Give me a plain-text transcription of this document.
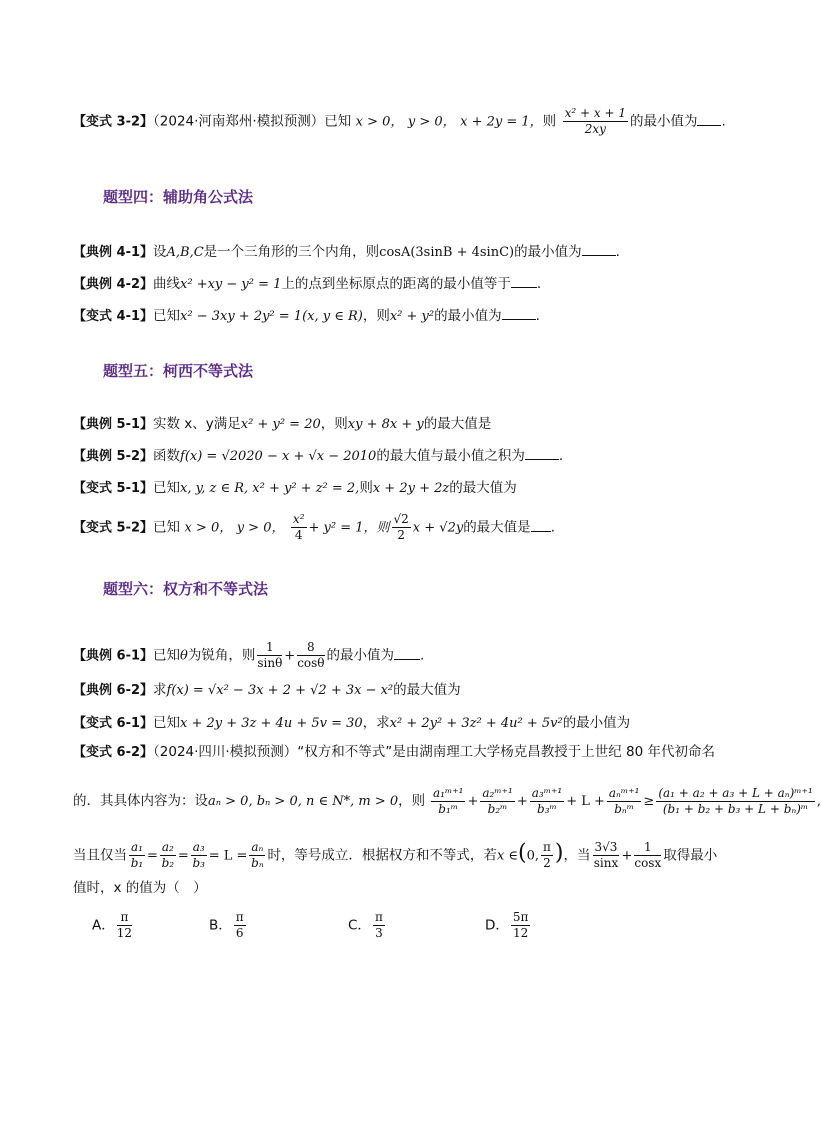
【变式 3-2】（2024·河南郑州·模拟预测）已知 x > 0， y > 0， x + 2y = 1，则 $\frac{\text{x² + x + 1}}{2xy}$ 的最小值为 .
题型四：辅助角公式法
【典例 4-1】设A,B,C是一个三角形的三个内角，则cosA(3sinB + 4sinC)的最小值为	.
【典例 4-2】曲线x² +xy − y² = 1上的点到坐标原点的距离的最小值等于 .
【变式 4-1】已知x² − 3xy + 2y² = 1(x, y ∈ R)，则x² + y²的最小值为	.
题型五：柯西不等式法
【典例 5-1】实数 x、y满足x² + y² = 20，则xy + 8x + y的最大值是
【典例 5-2】函数f(x) = √2020 − x + √x − 2010的最大值与最小值之积为	.
【变式 5-1】已知x, y, z ∈ R, x² + y² + z² = 2,则x + 2y + 2z的最大值为
【变式 5-2】已知 x > 0， y > 0， $\frac{\text{x²}}{4} + y^2 = 1$，则 $\frac{√2}{2}$ x + √2y的最大值是 .
题型六：权方和不等式法
【典例 6-1】已知θ为锐角，则 $\frac{1}{\sin\theta} + \frac{8}{\cos\theta}$ 的最小值为 .
【典例 6-2】求f(x) = √x² − 3x + 2 + √2 + 3x − x²的最大值为
【变式 6-1】已知x + 2y + 3z + 4u + 5v = 30，求x² + 2y² + 3z² + 4u² + 5v²的最小值为
【变式 6-2】（2024·四川·模拟预测）“权方和不等式”是由湖南理工大学杨克昌教授于上世纪 80 年代初命名
的．其具体内容为：设aₙ > 0, bₙ > 0, n ∈ N*, m > 0，则 $\frac{\text{a₁ᵐ⁺¹}}{\text{b₁ᵐ}} + \frac{\text{a₂ᵐ⁺¹}}{\text{b₂ᵐ}} + \frac{\text{a₃ᵐ⁺¹}}{\text{b₃ᵐ}} + L + \frac{\text{aₙᵐ⁺¹}}{\text{bₙᵐ}} \ge \frac{\text{(a₁ + a₂ + a₃ + L + aₙ)ᵐ⁺¹}}{\text{(b₁ + b₂ + b₃ + L + bₙ)ᵐ}}$ ,
当且仅当 $\frac{\text{a₁}}{\text{b₁}} = \frac{\text{a₂}}{\text{b₂}} = \frac{\text{a₃}}{\text{b₃}} = L = \frac{\text{aₙ}}{\text{bₙ}}$ 时，等号成立．根据权方和不等式，若x ∈(0, $\frac{\pi}{2}$ )，当 $\frac{3√3}{\sin x} + \frac{1}{\cos x}$ 取得最小
值时，x 的值为（　）
A． $\frac{\pi}{12}$	B． $\frac{\pi}{6}$	C． $\frac{\pi}{3}$	D． $\frac{5\pi}{12}$
